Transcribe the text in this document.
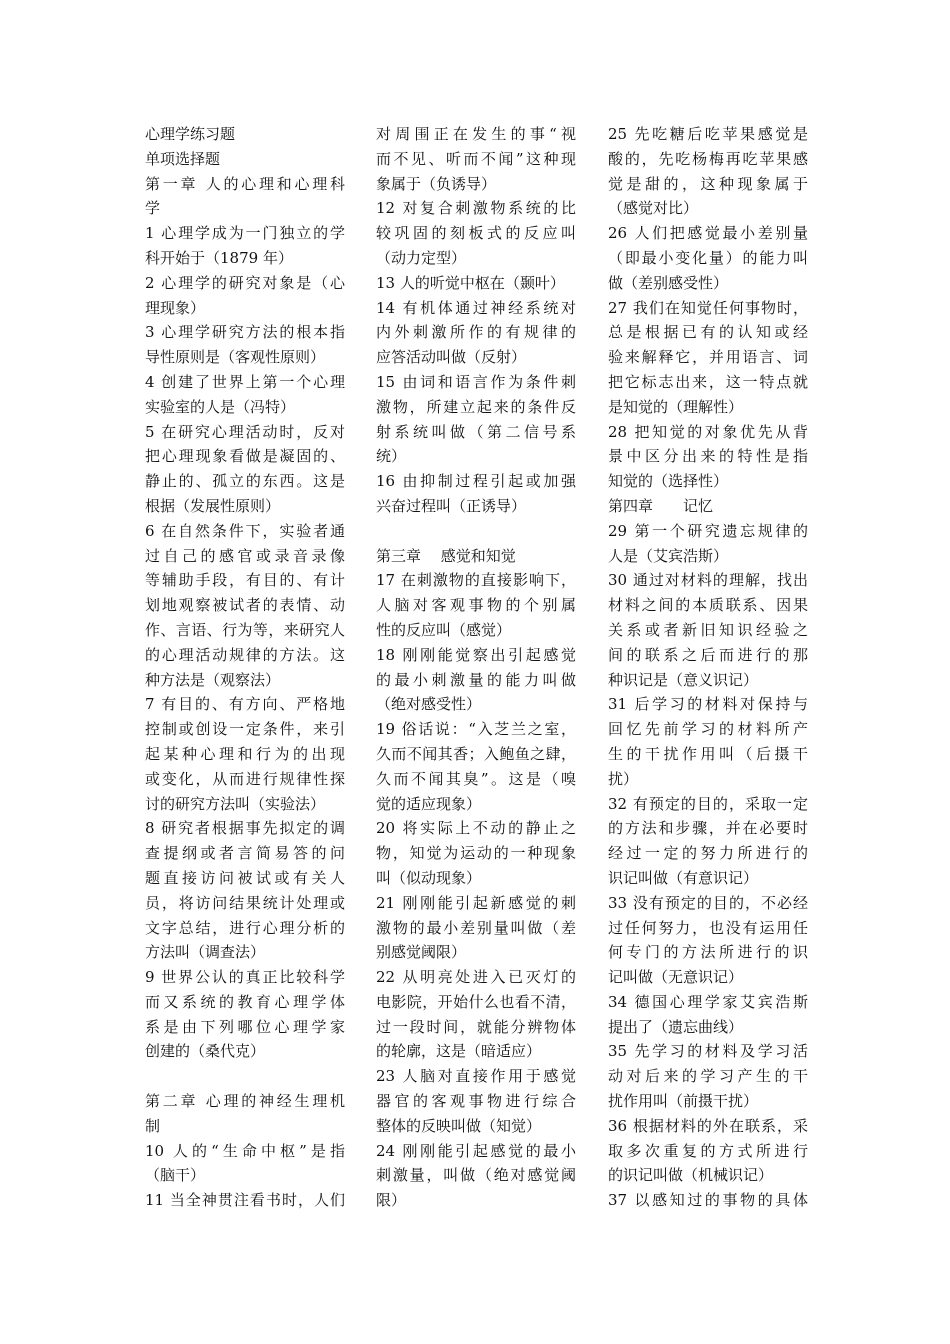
心理学练习题
单项选择题
第一章 人的心理和心理科
学
1 心理学成为一门独立的学
科开始于（1879 年）
2 心理学的研究对象是（心
理现象）
3 心理学研究方法的根本指
导性原则是（客观性原则）
4 创建了世界上第一个心理
实验室的人是（冯特）
5 在研究心理活动时，反对
把心理现象看做是凝固的、
静止的、孤立的东西。这是
根据（发展性原则）
6 在自然条件下，实验者通
过自己的感官或录音录像
等辅助手段，有目的、有计
划地观察被试者的表情、动
作、言语、行为等，来研究人
的心理活动规律的方法。这
种方法是（观察法）
7 有目的、有方向、严格地
控制或创设一定条件，来引
起某种心理和行为的出现
或变化，从而进行规律性探
讨的研究方法叫（实验法）
8 研究者根据事先拟定的调
查提纲或者言简易答的问
题直接访问被试或有关人
员，将访问结果统计处理或
文字总结，进行心理分析的
方法叫（调查法）
9 世界公认的真正比较科学
而又系统的教育心理学体
系是由下列哪位心理学家
创建的（桑代克）
第二章 心理的神经生理机
制
10 人的“生命中枢”是指
（脑干）
11 当全神贯注看书时，人们
对周围正在发生的事“视
而不见、听而不闻”这种现
象属于（负诱导）
12 对复合刺激物系统的比
较巩固的刻板式的反应叫
（动力定型）
13 人的听觉中枢在（颞叶）
14 有机体通过神经系统对
内外刺激所作的有规律的
应答活动叫做（反射）
15 由词和语言作为条件刺
激物，所建立起来的条件反
射系统叫做（第二信号系
统）
16 由抑制过程引起或加强
兴奋过程叫（正诱导）
第三章　 感觉和知觉
17 在刺激物的直接影响下，
人脑对客观事物的个别属
性的反应叫（感觉）
18 刚刚能觉察出引起感觉
的最小刺激量的能力叫做
（绝对感受性）
19 俗话说：“入芝兰之室，
久而不闻其香；入鲍鱼之肆，
久而不闻其臭”。这是（嗅
觉的适应现象）
20 将实际上不动的静止之
物，知觉为运动的一种现象
叫（似动现象）
21 刚刚能引起新感觉的刺
激物的最小差别量叫做（差
别感觉阈限）
22 从明亮处进入已灭灯的
电影院，开始什么也看不清，
过一段时间，就能分辨物体
的轮廓，这是（暗适应）
23 人脑对直接作用于感觉
器官的客观事物进行综合
整体的反映叫做（知觉）
24 刚刚能引起感觉的最小
刺激量，叫做（绝对感觉阈
限）
25 先吃糖后吃苹果感觉是
酸的，先吃杨梅再吃苹果感
觉是甜的，这种现象属于
（感觉对比）
26 人们把感觉最小差别量
（即最小变化量）的能力叫
做（差别感受性）
27 我们在知觉任何事物时，
总是根据已有的认知或经
验来解释它，并用语言、词
把它标志出来，这一特点就
是知觉的（理解性）
28 把知觉的对象优先从背
景中区分出来的特性是指
知觉的（选择性）
第四章　　记忆
29 第一个研究遗忘规律的
人是（艾宾浩斯）
30 通过对材料的理解，找出
材料之间的本质联系、因果
关系或者新旧知识经验之
间的联系之后而进行的那
种识记是（意义识记）
31 后学习的材料对保持与
回忆先前学习的材料所产
生的干扰作用叫（后摄干
扰）
32 有预定的目的，采取一定
的方法和步骤，并在必要时
经过一定的努力所进行的
识记叫做（有意识记）
33 没有预定的目的，不必经
过任何努力，也没有运用任
何专门的方法所进行的识
记叫做（无意识记）
34 德国心理学家艾宾浩斯
提出了（遗忘曲线）
35 先学习的材料及学习活
动对后来的学习产生的干
扰作用叫（前摄干扰）
36 根据材料的外在联系，采
取多次重复的方式所进行
的识记叫做（机械识记）
37 以感知过的事物的具体
